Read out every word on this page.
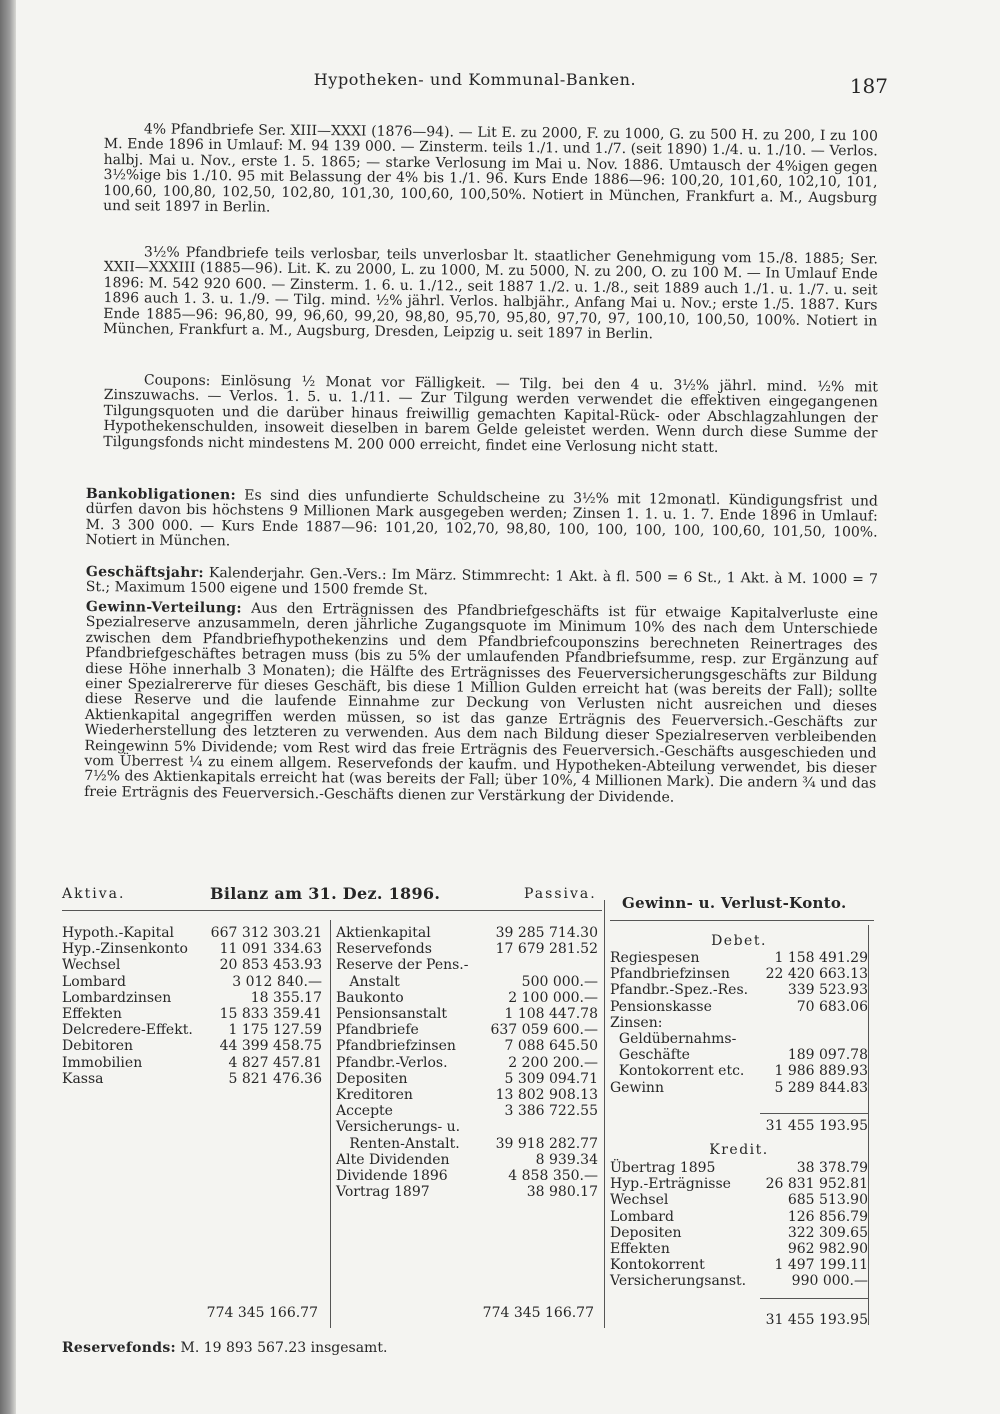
Hypotheken- und Kommunal-Banken.	187
4% Pfandbriefe Ser. XIII—XXXI (1876—94). — Lit E. zu 2000, F. zu 1000, G. zu 500 H. zu 200, I zu 100 M. Ende 1896 in Umlauf: M. 94 139 000. — Zinsterm. teils 1./1. und 1./7. (seit 1890) 1./4. u. 1./10. — Verlos. halbj. Mai u. Nov., erste 1. 5. 1865; — starke Verlosung im Mai u. Nov. 1886. Umtausch der 4%igen gegen 3½%ige bis 1./10. 95 mit Belassung der 4% bis 1./1. 96. Kurs Ende 1886—96: 100,20, 101,60, 102,10, 101, 100,60, 100,80, 102,50, 102,80, 101,30, 100,60, 100,50%. Notiert in München, Frankfurt a. M., Augsburg und seit 1897 in Berlin.
3½% Pfandbriefe teils verlosbar, teils unverlosbar lt. staatlicher Genehmigung vom 15./8. 1885; Ser. XXII—XXXIII (1885—96). Lit. K. zu 2000, L. zu 1000, M. zu 5000, N. zu 200, O. zu 100 M. — In Umlauf Ende 1896: M. 542 920 600. — Zinsterm. 1. 6. u. 1./12., seit 1887 1./2. u. 1./8., seit 1889 auch 1./1. u. 1./7. u. seit 1896 auch 1. 3. u. 1./9. — Tilg. mind. ½% jährl. Verlos. halbjähr., Anfang Mai u. Nov.; erste 1./5. 1887. Kurs Ende 1885—96: 96,80, 99, 96,60, 99,20, 98,80, 95,70, 95,80, 97,70, 97, 100,10, 100,50, 100%. Notiert in München, Frankfurt a. M., Augsburg, Dresden, Leipzig u. seit 1897 in Berlin.
Coupons: Einlösung ½ Monat vor Fälligkeit. — Tilg. bei den 4 u. 3½% jährl. mind. ½% mit Zinszuwachs. — Verlos. 1. 5. u. 1./11. — Zur Tilgung werden verwendet die effektiven eingegangenen Tilgungsquoten und die darüber hinaus freiwillig gemachten Kapital-Rück- oder Abschlagzahlungen der Hypothekenschulden, insoweit dieselben in barem Gelde geleistet werden. Wenn durch diese Summe der Tilgungsfonds nicht mindestens M. 200 000 erreicht, findet eine Verlosung nicht statt.
Bankobligationen: Es sind dies unfundierte Schuldscheine zu 3½% mit 12monatl. Kündigungsfrist und dürfen davon bis höchstens 9 Millionen Mark ausgegeben werden; Zinsen 1. 1. u. 1. 7. Ende 1896 in Umlauf: M. 3 300 000. — Kurs Ende 1887—96: 101,20, 102,70, 98,80, 100, 100, 100, 100, 100,60, 101,50, 100%. Notiert in München.
Geschäftsjahr: Kalenderjahr. Gen.-Vers.: Im März. Stimmrecht: 1 Akt. à fl. 500 = 6 St., 1 Akt. à M. 1000 = 7 St.; Maximum 1500 eigene und 1500 fremde St.
Gewinn-Verteilung: Aus den Erträgnissen des Pfandbriefgeschäfts ist für etwaige Kapitalverluste eine Spezialreserve anzusammeln, deren jährliche Zugangsquote im Minimum 10% des nach dem Unterschiede zwischen dem Pfandbriefhypothekenzins und dem Pfandbriefcouponszins berechneten Reinertrages des Pfandbriefgeschäftes betragen muss (bis zu 5% der umlaufenden Pfandbriefsumme, resp. zur Ergänzung auf diese Höhe innerhalb 3 Monaten); die Hälfte des Erträgnisses des Feuerversicherungsgeschäfts zur Bildung einer Spezialrererve für dieses Geschäft, bis diese 1 Million Gulden erreicht hat (was bereits der Fall); sollte diese Reserve und die laufende Einnahme zur Deckung von Verlusten nicht ausreichen und dieses Aktienkapital angegriffen werden müssen, so ist das ganze Erträgnis des Feuerversich.-Geschäfts zur Wiederherstellung des letzteren zu verwenden. Aus dem nach Bildung dieser Spezialreserven verbleibenden Reingewinn 5% Dividende; vom Rest wird das freie Erträgnis des Feuerversich.-Geschäfts ausgeschieden und vom Überrest ¼ zu einem allgem. Reservefonds der kaufm. und Hypotheken-Abteilung verwendet, bis dieser 7½% des Aktienkapitals erreicht hat (was bereits der Fall; über 10%, 4 Millionen Mark). Die andern ¾ und das freie Erträgnis des Feuerversich.-Geschäfts dienen zur Verstärkung der Dividende.
Aktiva.	Bilanz am 31. Dez. 1896.	Passiva. Gewinn- u. Verlust-Konto.
Hypoth.-Kapital	667 312 303.21
Hyp.-Zinsenkonto 11 091 334.63
Wechsel	20 853 453.93
Lombard	3 012 840.—
Lombardzinsen	18 355.17
Effekten	15 833 359.41
Delcredere-Effekt.	1 175 127.59
Debitoren	44 399 458.75
Immobilien	4 827 457.81
Kassa	5 821 476.36
Aktienkapital	39 285 714.30
Reservefonds	17 679 281.52
Reserve der Pens.-
Anstalt	500 000.—
Baukonto	2 100 000.—
Pensionsanstalt	1 108 447.78
Pfandbriefe	637 059 600.—
Pfandbriefzinsen	7 088 645.50
Pfandbr.-Verlos.	2 200 200.—
Depositen	5 309 094.71
Kreditoren	13 802 908.13
Accepte	3 386 722.55
Versicherungs- u.
Renten-Anstalt.	39 918 282.77
Alte Dividenden	8 939.34
Dividende 1896	4 858 350.—
Vortrag 1897	38 980.17
774 345 166.77	774 345 166.77
Debet.
Regiespesen	1 158 491.29
Pfandbriefzinsen	22 420 663.13
Pfandbr.-Spez.-Res.	339 523.93
Pensionskasse	70 683.06
Zinsen:
Geldübernahms-
Geschäfte	189 097.78
Kontokorrent etc. 1 986 889.93
Gewinn	5 289 844.83
31 455 193.95
Kredit.
Übertrag 1895	38 378.79
Hyp.-Erträgnisse 26 831 952.81
Wechsel	685 513.90
Lombard	126 856.79
Depositen	322 309.65
Effekten	962 982.90
Kontokorrent	1 497 199.11
Versicherungsanst.	990 000.—
31 455 193.95
Reservefonds: M. 19 893 567.23 insgesamt.
